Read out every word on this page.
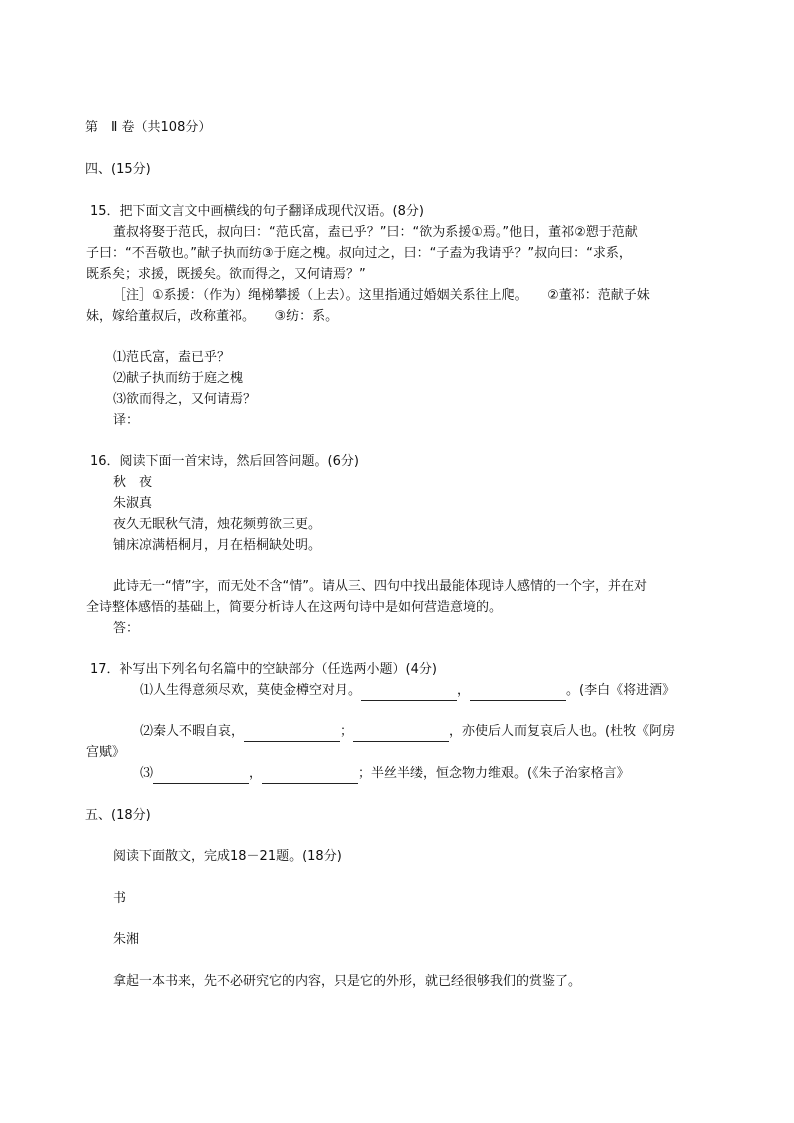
第　Ⅱ 卷（共108分）
四、(15分)
15．把下面文言文中画横线的句子翻译成现代汉语。(8分)
董叔将娶于范氏，叔向曰：“范氏富，盍已乎？”曰：“欲为系援①焉。”他日，董祁②愬于范献
子曰：“不吾敬也。”献子执而纺③于庭之槐。叔向过之，曰：“子盍为我请乎？”叔向曰：“求系，
既系矣；求援，既援矣。欲而得之，又何请焉？”
［注］①系援：（作为）绳梯攀援（上去）。这里指通过婚姻关系往上爬。　　②董祁：范献子妹
妹，嫁给董叔后，改称董祁。　　③纺：系。
⑴范氏富，盍已乎？
⑵献子执而纺于庭之槐
⑶欲而得之，又何请焉？
译：
16．阅读下面一首宋诗，然后回答问题。(6分)
秋　夜
朱淑真
夜久无眠秋气清，烛花频剪欲三更。
铺床凉满梧桐月，月在梧桐缺处明。
此诗无一“情”字，而无处不含“情”。请从三、四句中找出最能体现诗人感情的一个字，并在对
全诗整体感悟的基础上，简要分析诗人在这两句诗中是如何营造意境的。
答：
17．补写出下列名句名篇中的空缺部分（任选两小题）(4分)
⑴人生得意须尽欢，莫使金樽空对月。	，	。(李白《将进酒》
⑵秦人不暇自哀，	；	，亦使后人而复哀后人也。(杜牧《阿房
宫赋》
⑶	，	；半丝半缕，恒念物力维艰。(《朱子治家格言》
五、(18分)
阅读下面散文，完成18－21题。(18分)
书
朱湘
拿起一本书来，先不必研究它的内容，只是它的外形，就已经很够我们的赏鉴了。
